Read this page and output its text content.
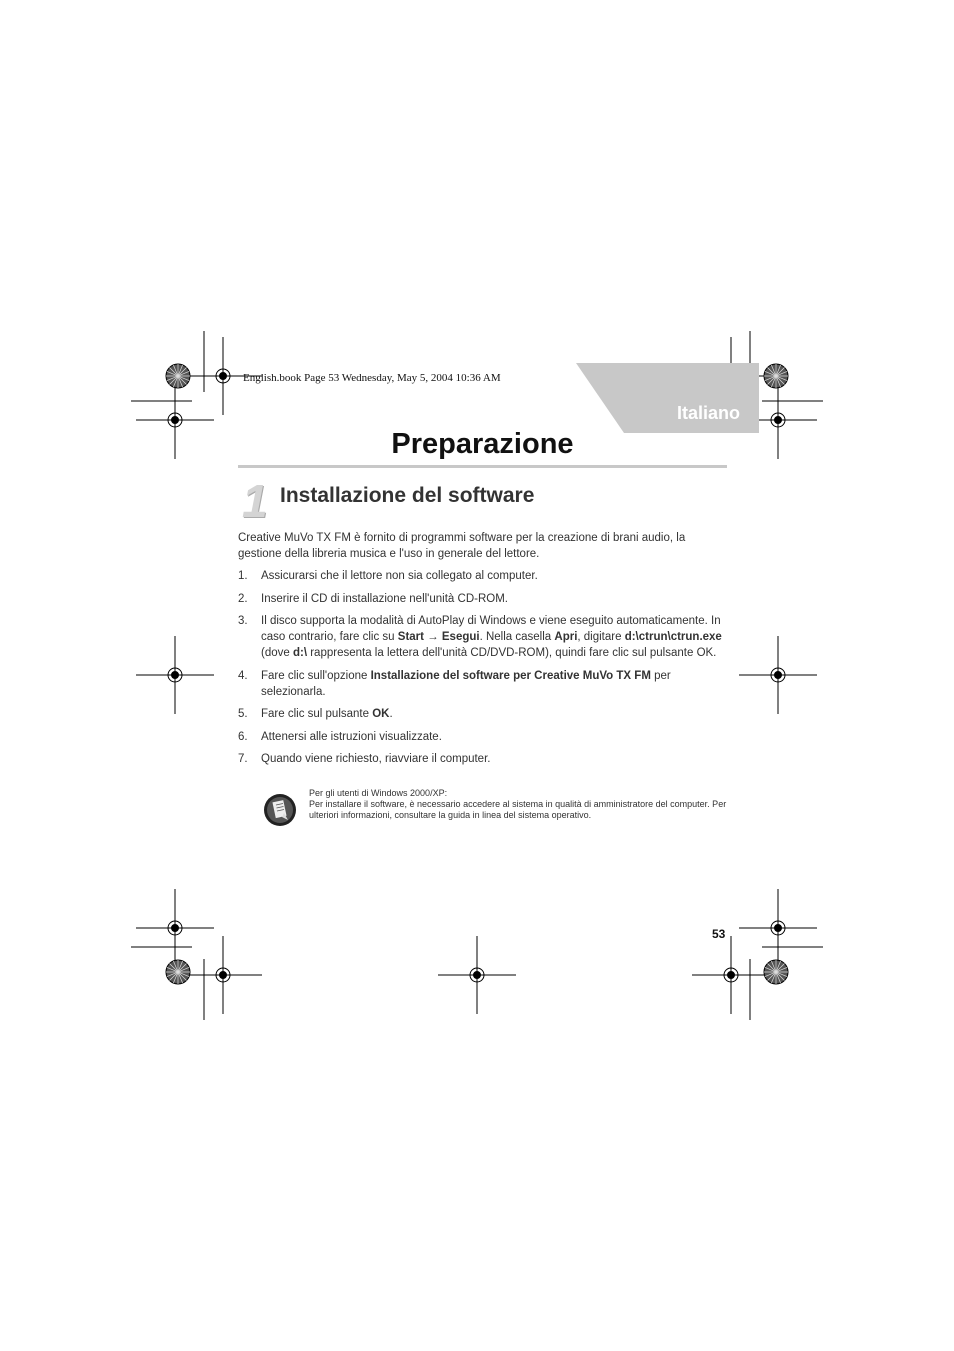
English.book Page 53 Wednesday, May 5, 2004 10:36 AM
Italiano
Preparazione
1 Installazione del software

Creative MuVo TX FM è fornito di programmi software per la creazione di brani audio, la gestione della libreria musica e l'uso in generale del lettore.

1. Assicurarsi che il lettore non sia collegato al computer.
2. Inserire il CD di installazione nell'unità CD-ROM.
3. Il disco supporta la modalità di AutoPlay di Windows e viene eseguito automaticamente. In caso contrario, fare clic su Start → Esegui. Nella casella Apri, digitare d:\ctrun\ctrun.exe (dove d:\ rappresenta la lettera dell'unità CD/DVD-ROM), quindi fare clic sul pulsante OK.
4. Fare clic sull'opzione Installazione del software per Creative MuVo TX FM per selezionarla.
5. Fare clic sul pulsante OK.
6. Attenersi alle istruzioni visualizzate.
7. Quando viene richiesto, riavviare il computer.
Per gli utenti di Windows 2000/XP:
Per installare il software, è necessario accedere al sistema in qualità di amministratore del computer. Per ulteriori informazioni, consultare la guida in linea del sistema operativo.
53
